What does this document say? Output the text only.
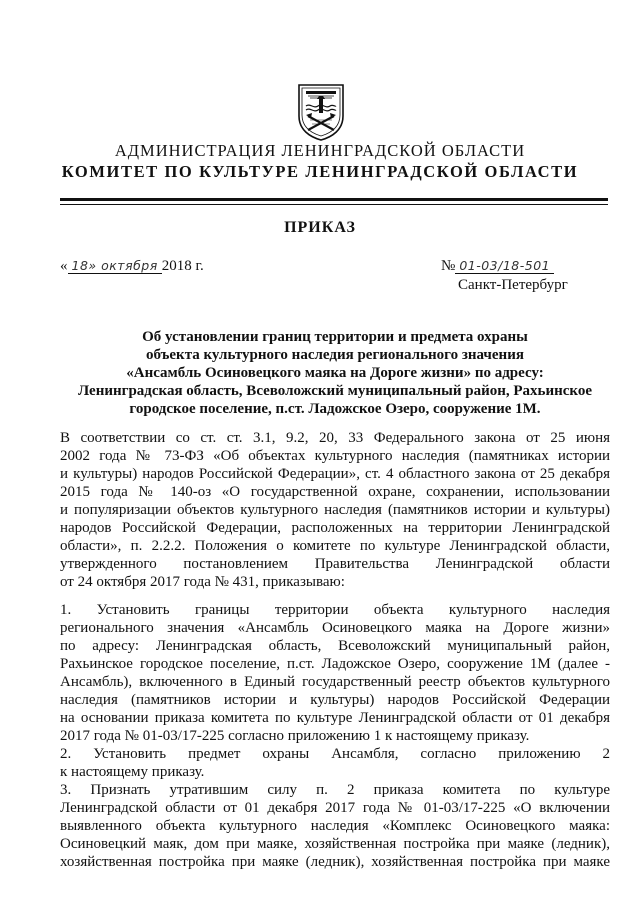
АДМИНИСТРАЦИЯ ЛЕНИНГРАДСКОЙ ОБЛАСТИ
КОМИТЕТ ПО КУЛЬТУРЕ ЛЕНИНГРАДСКОЙ ОБЛАСТИ
ПРИКАЗ
« 18» октября 2018 г.	№ 01-03/18-501
Санкт-Петербург
Об установлении границ территории и предмета охраны
объекта культурного наследия регионального значения
«Ансамбль Осиновецкого маяка на Дороге жизни» по адресу:
Ленинградская область, Всеволожский муниципальный район, Рахьинское
городское поселение, п.ст. Ладожское Озеро, сооружение 1М.
В соответствии со ст. ст. 3.1, 9.2, 20, 33 Федерального закона от 25 июня
2002 года № 73-ФЗ «Об объектах культурного наследия (памятниках истории
и культуры) народов Российской Федерации», ст. 4 областного закона от 25 декабря
2015 года № 140-оз «О государственной охране, сохранении, использовании
и популяризации объектов культурного наследия (памятников истории и культуры)
народов Российской Федерации, расположенных на территории Ленинградской
области», п. 2.2.2. Положения о комитете по культуре Ленинградской области,
утвержденного постановлением Правительства Ленинградской области
от 24 октября 2017 года № 431, приказываю:
1. Установить границы территории объекта культурного наследия
регионального значения «Ансамбль Осиновецкого маяка на Дороге жизни»
по адресу: Ленинградская область, Всеволожский муниципальный район,
Рахьинское городское поселение, п.ст. Ладожское Озеро, сооружение 1М (далее -
Ансамбль), включенного в Единый государственный реестр объектов культурного
наследия (памятников истории и культуры) народов Российской Федерации
на основании приказа комитета по культуре Ленинградской области от 01 декабря
2017 года № 01-03/17-225 согласно приложению 1 к настоящему приказу.
2. Установить предмет охраны Ансамбля, согласно приложению 2
к настоящему приказу.
3. Признать утратившим силу п. 2 приказа комитета по культуре
Ленинградской области от 01 декабря 2017 года № 01-03/17-225 «О включении
выявленного объекта культурного наследия «Комплекс Осиновецкого маяка:
Осиновецкий маяк, дом при маяке, хозяйственная постройка при маяке (ледник),
хозяйственная постройка при маяке (ледник), хозяйственная постройка при маяке
